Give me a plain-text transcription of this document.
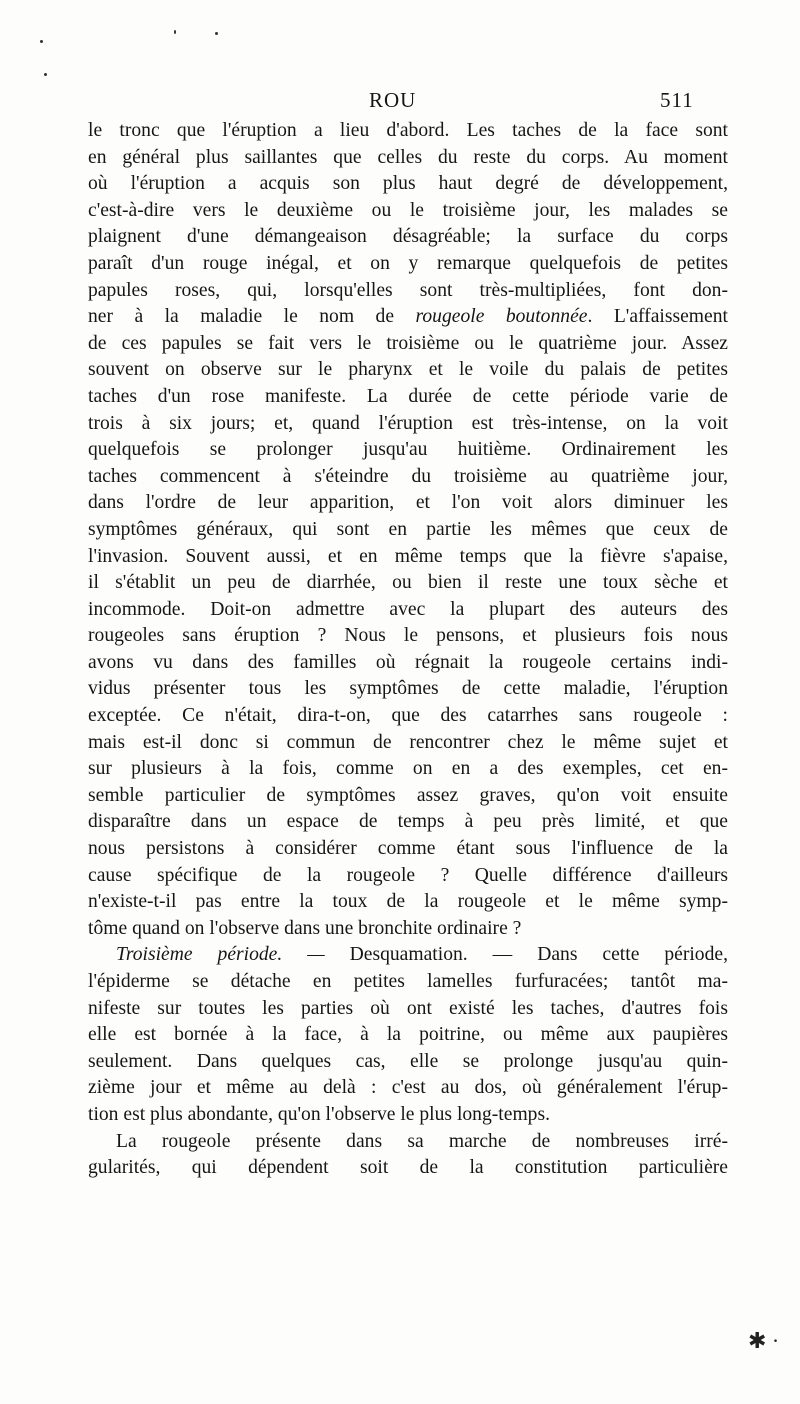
ROU	511
le tronc que l'éruption a lieu d'abord. Les taches de la face sont
en général plus saillantes que celles du reste du corps. Au moment
où l'éruption a acquis son plus haut degré de développement,
c'est-à-dire vers le deuxième ou le troisième jour, les malades se
plaignent d'une démangeaison désagréable; la surface du corps
paraît d'un rouge inégal, et on y remarque quelquefois de petites
papules roses, qui, lorsqu'elles sont très-multipliées, font don-
ner à la maladie le nom de rougeole boutonnée. L'affaissement
de ces papules se fait vers le troisième ou le quatrième jour. Assez
souvent on observe sur le pharynx et le voile du palais de petites
taches d'un rose manifeste. La durée de cette période varie de
trois à six jours; et, quand l'éruption est très-intense, on la voit
quelquefois se prolonger jusqu'au huitième. Ordinairement les
taches commencent à s'éteindre du troisième au quatrième jour,
dans l'ordre de leur apparition, et l'on voit alors diminuer les
symptômes généraux, qui sont en partie les mêmes que ceux de
l'invasion. Souvent aussi, et en même temps que la fièvre s'apaise,
il s'établit un peu de diarrhée, ou bien il reste une toux sèche et
incommode. Doit-on admettre avec la plupart des auteurs des
rougeoles sans éruption ? Nous le pensons, et plusieurs fois nous
avons vu dans des familles où régnait la rougeole certains indi-
vidus présenter tous les symptômes de cette maladie, l'éruption
exceptée. Ce n'était, dira-t-on, que des catarrhes sans rougeole :
mais est-il donc si commun de rencontrer chez le même sujet et
sur plusieurs à la fois, comme on en a des exemples, cet en-
semble particulier de symptômes assez graves, qu'on voit ensuite
disparaître dans un espace de temps à peu près limité, et que
nous persistons à considérer comme étant sous l'influence de la
cause spécifique de la rougeole ? Quelle différence d'ailleurs
n'existe-t-il pas entre la toux de la rougeole et le même symp-
tôme quand on l'observe dans une bronchite ordinaire ?
Troisième période. — Desquamation. — Dans cette période,
l'épiderme se détache en petites lamelles furfuracées; tantôt ma-
nifeste sur toutes les parties où ont existé les taches, d'autres fois
elle est bornée à la face, à la poitrine, ou même aux paupières
seulement. Dans quelques cas, elle se prolonge jusqu'au quin-
zième jour et même au delà : c'est au dos, où généralement l'érup-
tion est plus abondante, qu'on l'observe le plus long-temps.
La rougeole présente dans sa marche de nombreuses irré-
gularités, qui dépendent soit de la constitution particulière
✱ ·
